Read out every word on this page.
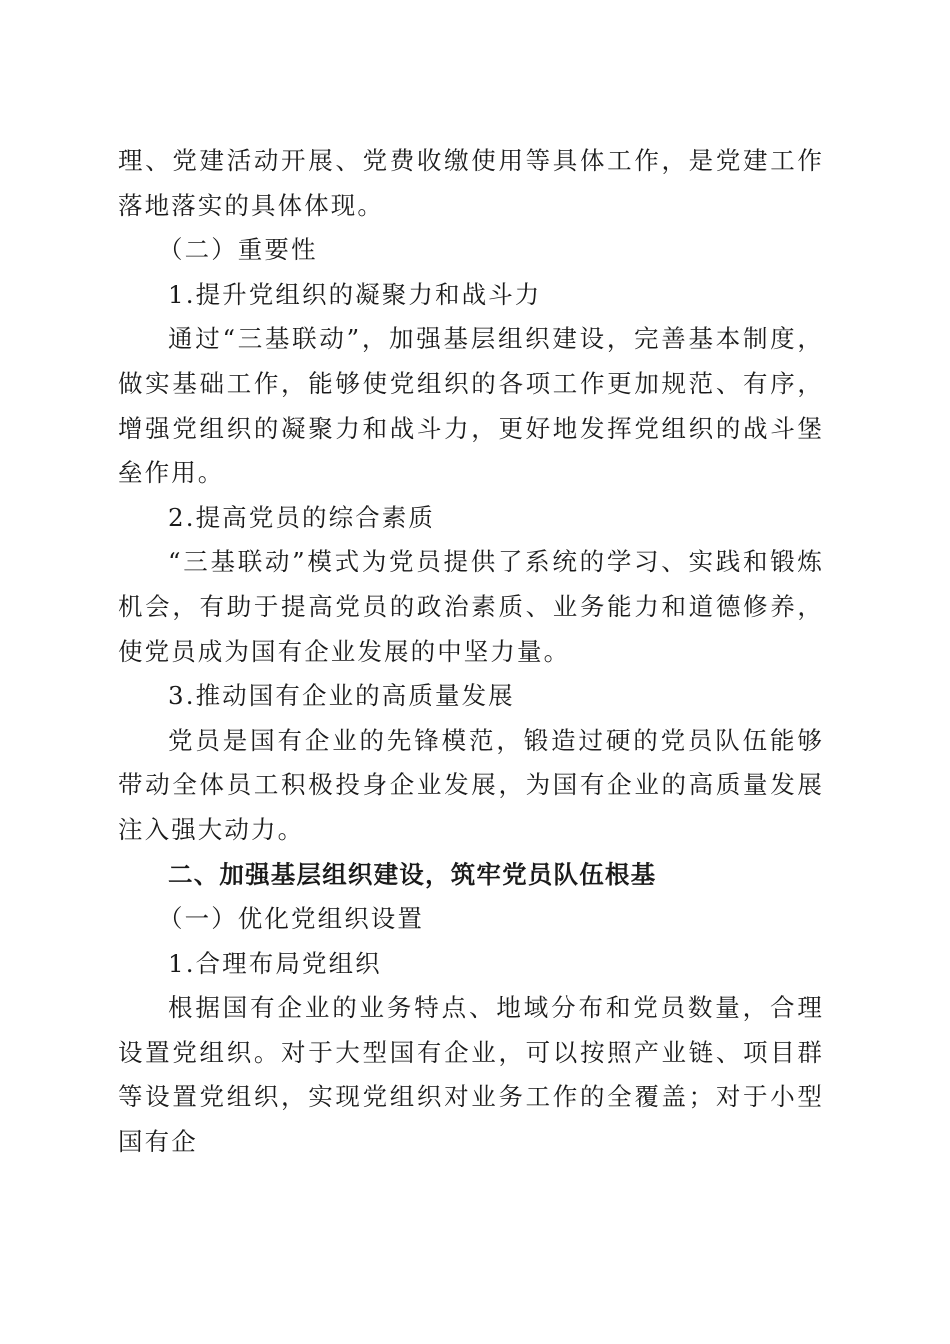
理、党建活动开展、党费收缴使用等具体工作，是党建工作落地落实的具体体现。

（二）重要性

1.提升党组织的凝聚力和战斗力

通过“三基联动”，加强基层组织建设，完善基本制度，做实基础工作，能够使党组织的各项工作更加规范、有序，增强党组织的凝聚力和战斗力，更好地发挥党组织的战斗堡垒作用。

2.提高党员的综合素质

“三基联动”模式为党员提供了系统的学习、实践和锻炼机会，有助于提高党员的政治素质、业务能力和道德修养，使党员成为国有企业发展的中坚力量。

3.推动国有企业的高质量发展

党员是国有企业的先锋模范，锻造过硬的党员队伍能够带动全体员工积极投身企业发展，为国有企业的高质量发展注入强大动力。

二、加强基层组织建设，筑牢党员队伍根基

（一）优化党组织设置

1.合理布局党组织

根据国有企业的业务特点、地域分布和党员数量，合理设置党组织。对于大型国有企业，可以按照产业链、项目群等设置党组织，实现党组织对业务工作的全覆盖；对于小型国有企
